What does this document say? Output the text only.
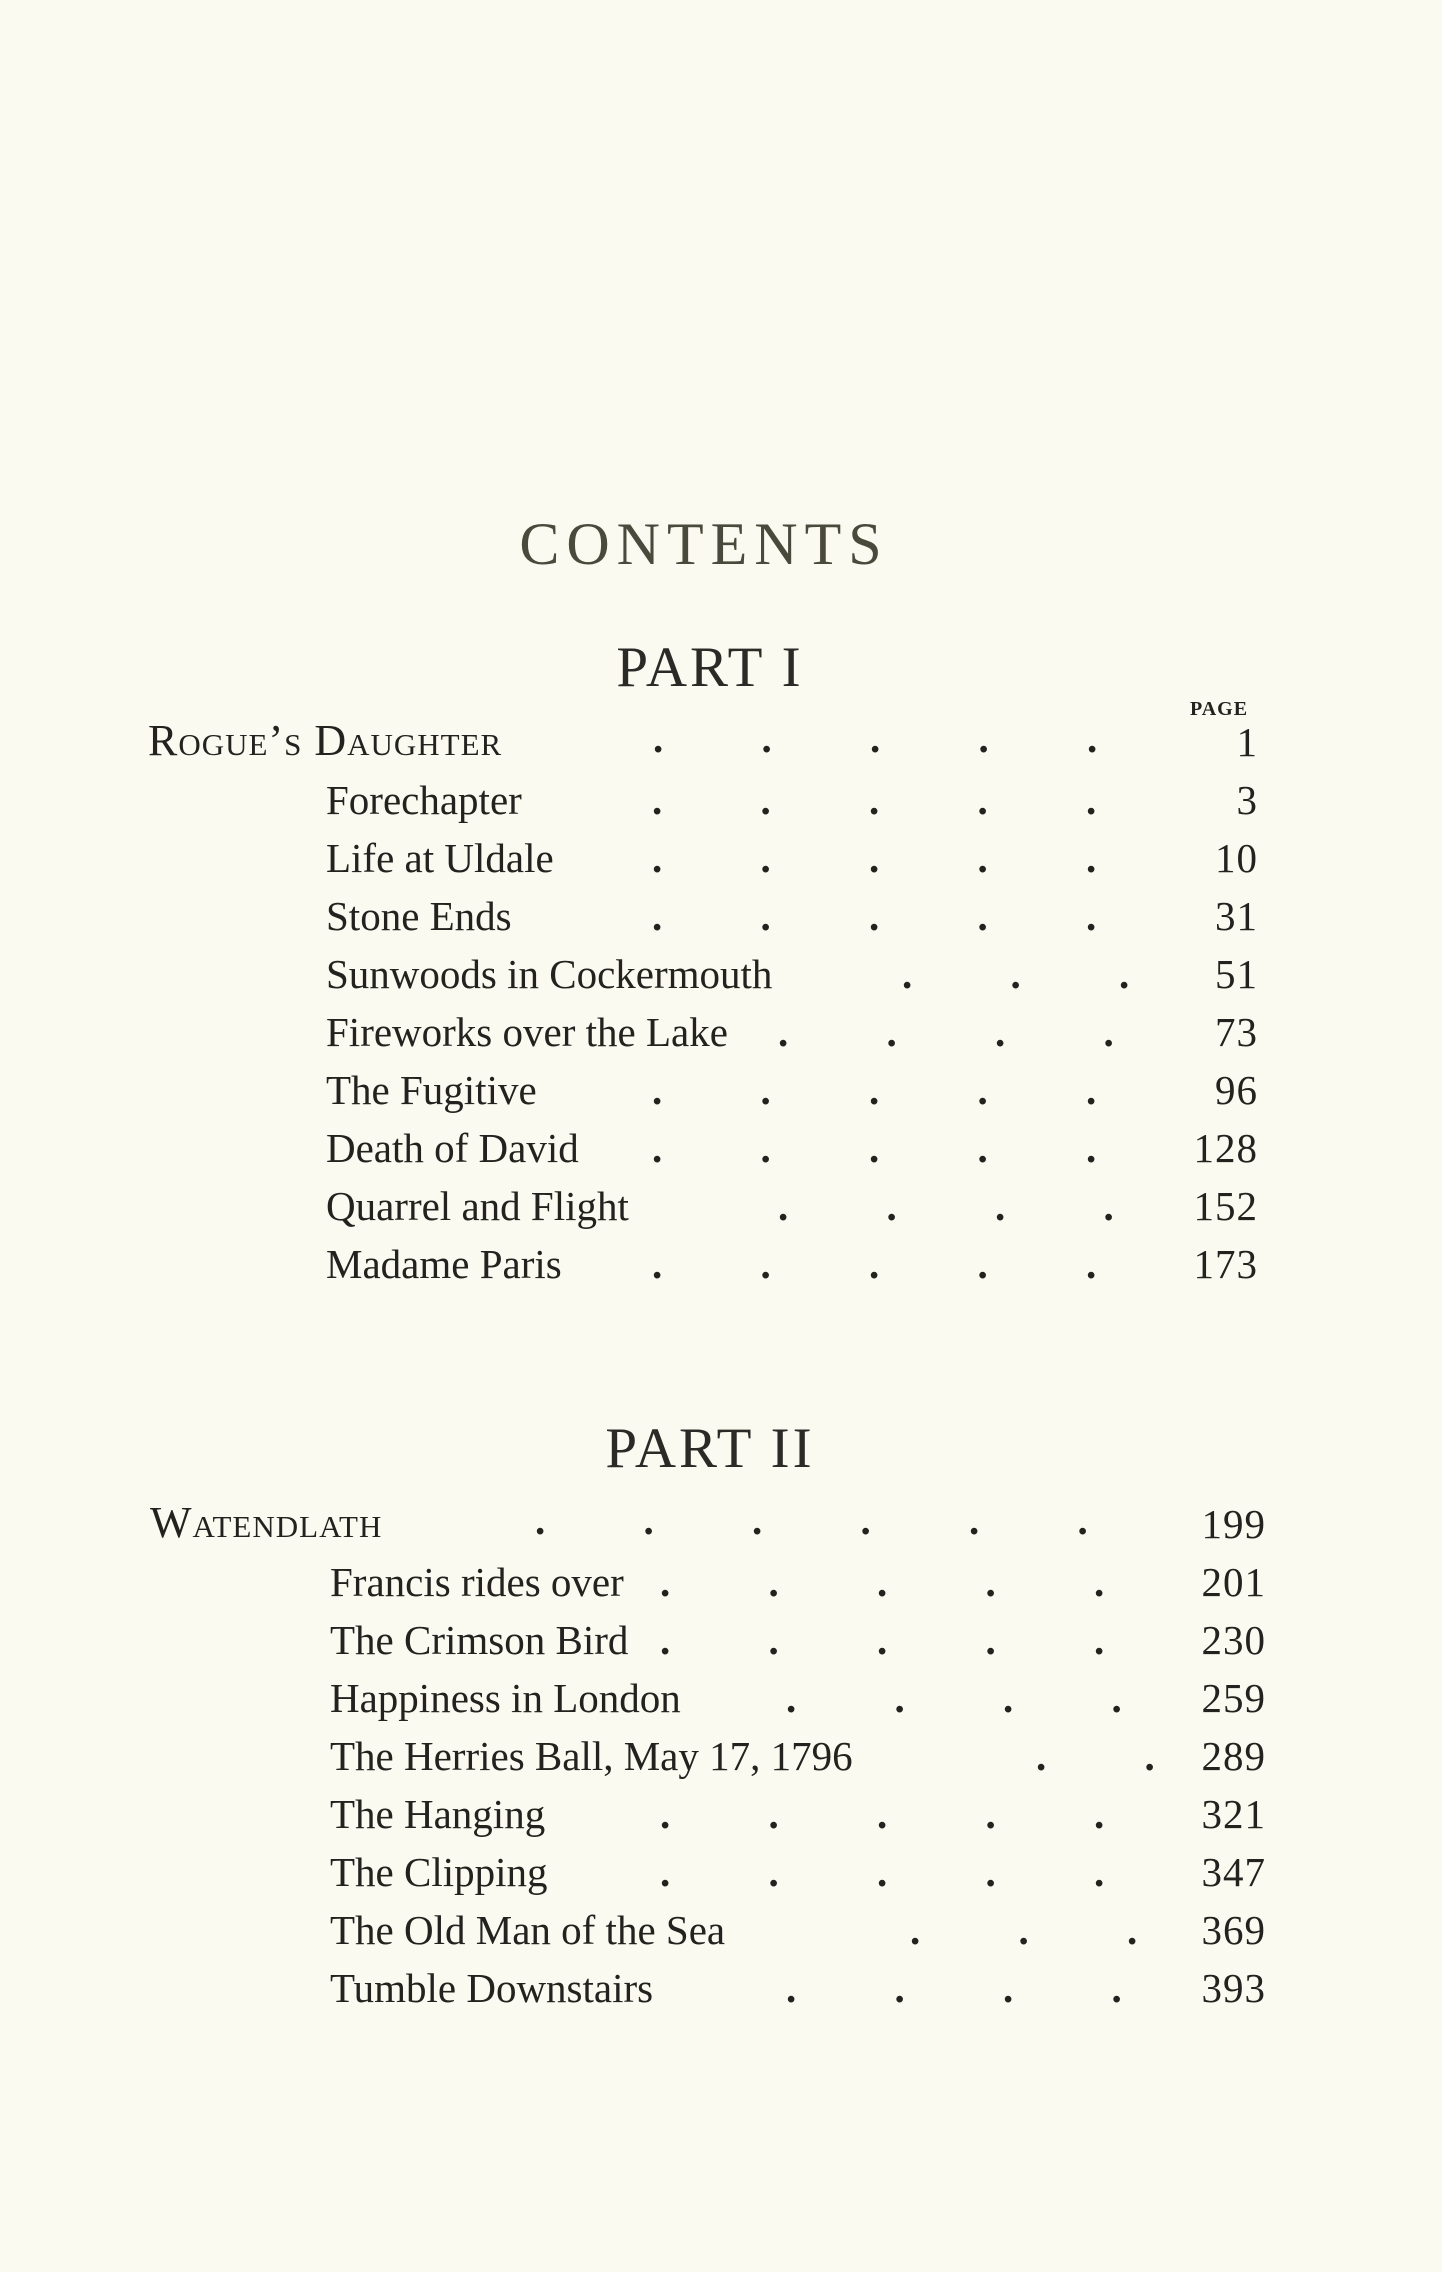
CONTENTS
PART I
PAGE
Rogue’s Daughter	. . . . .	1
Forechapter	. . . . .	3
Life at Uldale . . . . .	10
Stone Ends	. . . . .	31
Sunwoods in Cockermouth	. . . 51
Fireworks over the Lake . . . . 73
The Fugitive	. . . . .	96
Death of David . . . . . 128
Quarrel and Flight	. . . . 152
Madame Paris . . . . . 173
PART II
Watendlath	. . . . . .	199
Francis rides over . . . . . 201
The Crimson Bird . . . . . 230
Happiness in London	. . . . 259
The Herries Ball, May 17, 1796	. . 289
The Hanging	. . . . . 321
The Clipping	. . . . . 347
The Old Man of the Sea	. . . 369
Tumble Downstairs	. . . . 393
